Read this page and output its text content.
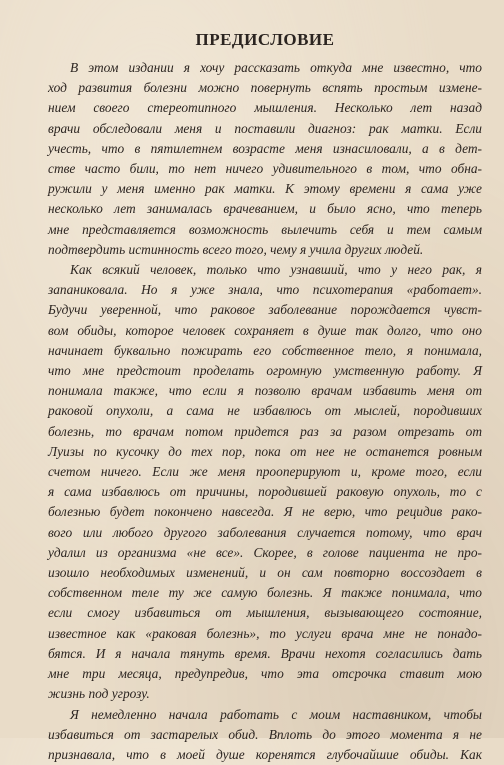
ПРЕДИСЛОВИЕ

В этом издании я хочу рассказать откуда мне известно, что
ход развития болезни можно повернуть вспять простым измене-
нием своего стереотипного мышления. Несколько лет назад
врачи обследовали меня и поставили диагноз: рак матки. Если
учесть, что в пятилетнем возрасте меня изнасиловали, а в дет-
стве часто били, то нет ничего удивительного в том, что обна-
ружили у меня именно рак матки. К этому времени я сама уже
несколько лет занималась врачеванием, и было ясно, что теперь
мне представляется возможность вылечить себя и тем самым
подтвердить истинность всего того, чему я учила других людей.

Как всякий человек, только что узнавший, что у него рак, я
запаниковала. Но я уже знала, что психотерапия «работает».
Будучи уверенной, что раковое заболевание порождается чувст-
вом обиды, которое человек сохраняет в душе так долго, что оно
начинает буквально пожирать его собственное тело, я понимала,
что мне предстоит проделать огромную умственную работу. Я
понимала также, что если я позволю врачам избавить меня от
раковой опухоли, а сама не избавлюсь от мыслей, породивших
болезнь, то врачам потом придется раз за разом отрезать от
Луизы по кусочку до тех пор, пока от нее не останется ровным
счетом ничего. Если же меня прооперируют и, кроме того, если
я сама избавлюсь от причины, породившей раковую опухоль, то с
болезнью будет покончено навсегда. Я не верю, что рецидив рако-
вого или любого другого заболевания случается потому, что врач
удалил из организма «не все». Скорее, в голове пациента не про-
изошло необходимых изменений, и он сам повторно воссоздает в
собственном теле ту же самую болезнь. Я также понимала, что
если смогу избавиться от мышления, вызывающего состояние,
известное как «раковая болезнь», то услуги врача мне не понадо-
бятся. И я начала тянуть время. Врачи нехотя согласились дать
мне три месяца, предупредив, что эта отсрочка ставит мою
жизнь под угрозу.

Я немедленно начала работать с моим наставником, чтобы
избавиться от застарелых обид. Вплоть до этого момента я не
признавала, что в моей душе коренятся глубочайшие обиды. Как
